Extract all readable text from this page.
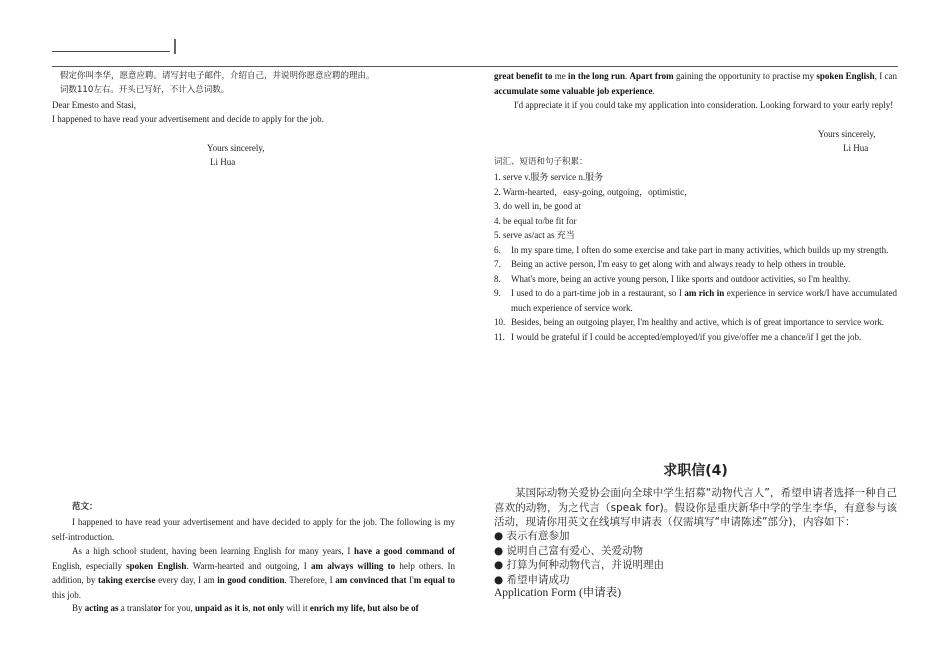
假定你叫李华，愿意应聘。请写封电子邮件，介绍自己，并说明你愿意应聘的理由。
词数110左右。开头已写好，不计入总词数。
Dear Emesto and Stasi,
I happened to have read your advertisement and decide to apply for the job.
Yours sincerely,
Li Hua
范文：
I happened to have read your advertisement and have decided to apply for the job. The following is my self-introduction.
As a high school student, having been learning English for many years, I have a good command of English, especially spoken English. Warm-hearted and outgoing, I am always willing to help others. In addition, by taking exercise every day, I am in good condition. Therefore, I am convinced that I'm equal to this job.
By acting as a translator for you, unpaid as it is, not only will it enrich my life, but also be of
great benefit to me in the long run. Apart from gaining the opportunity to practise my spoken English, I can accumulate some valuable job experience.
I'd appreciate it if you could take my application into consideration. Looking forward to your early reply!
Yours sincerely,
Li Hua
词汇、短语和句子积累：
1. serve v.服务 service n.服务
2. Warm-hearted，easy-going, outgoing，optimistic，
3. do well in, be good at
4. be equal to/be fit for
5. serve as/act as 充当
6. In my spare time, I often do some exercise and take part in many activities, which builds up my strength.
7. Being an active person, I'm easy to get along with and always ready to help others in trouble.
8. What's more, being an active young person, I like sports and outdoor activities, so I'm healthy.
9. I used to do a part-time job in a restaurant, so I am rich in experience in service work/I have accumulated much experience of service work.
10. Besides, being an outgoing player, I'm healthy and active, which is of great importance to service work.
11. I would be grateful if I could be accepted/employed/if you give/offer me a chance/if I get the job.
求职信(4)
某国际动物关爱协会面向全球中学生招募“动物代言人”，希望申请者选择一种自己喜欢的动物，为之代言（speak for)。假设你是重庆新华中学的学生李华，有意参与该活动，现请你用英文在线填写申请表（仅需填写“申请陈述”部分)，内容如下：
● 表示有意参加
● 说明自己富有爱心、关爱动物
● 打算为何种动物代言，并说明理由
● 希望申请成功
Application Form (申请表)
